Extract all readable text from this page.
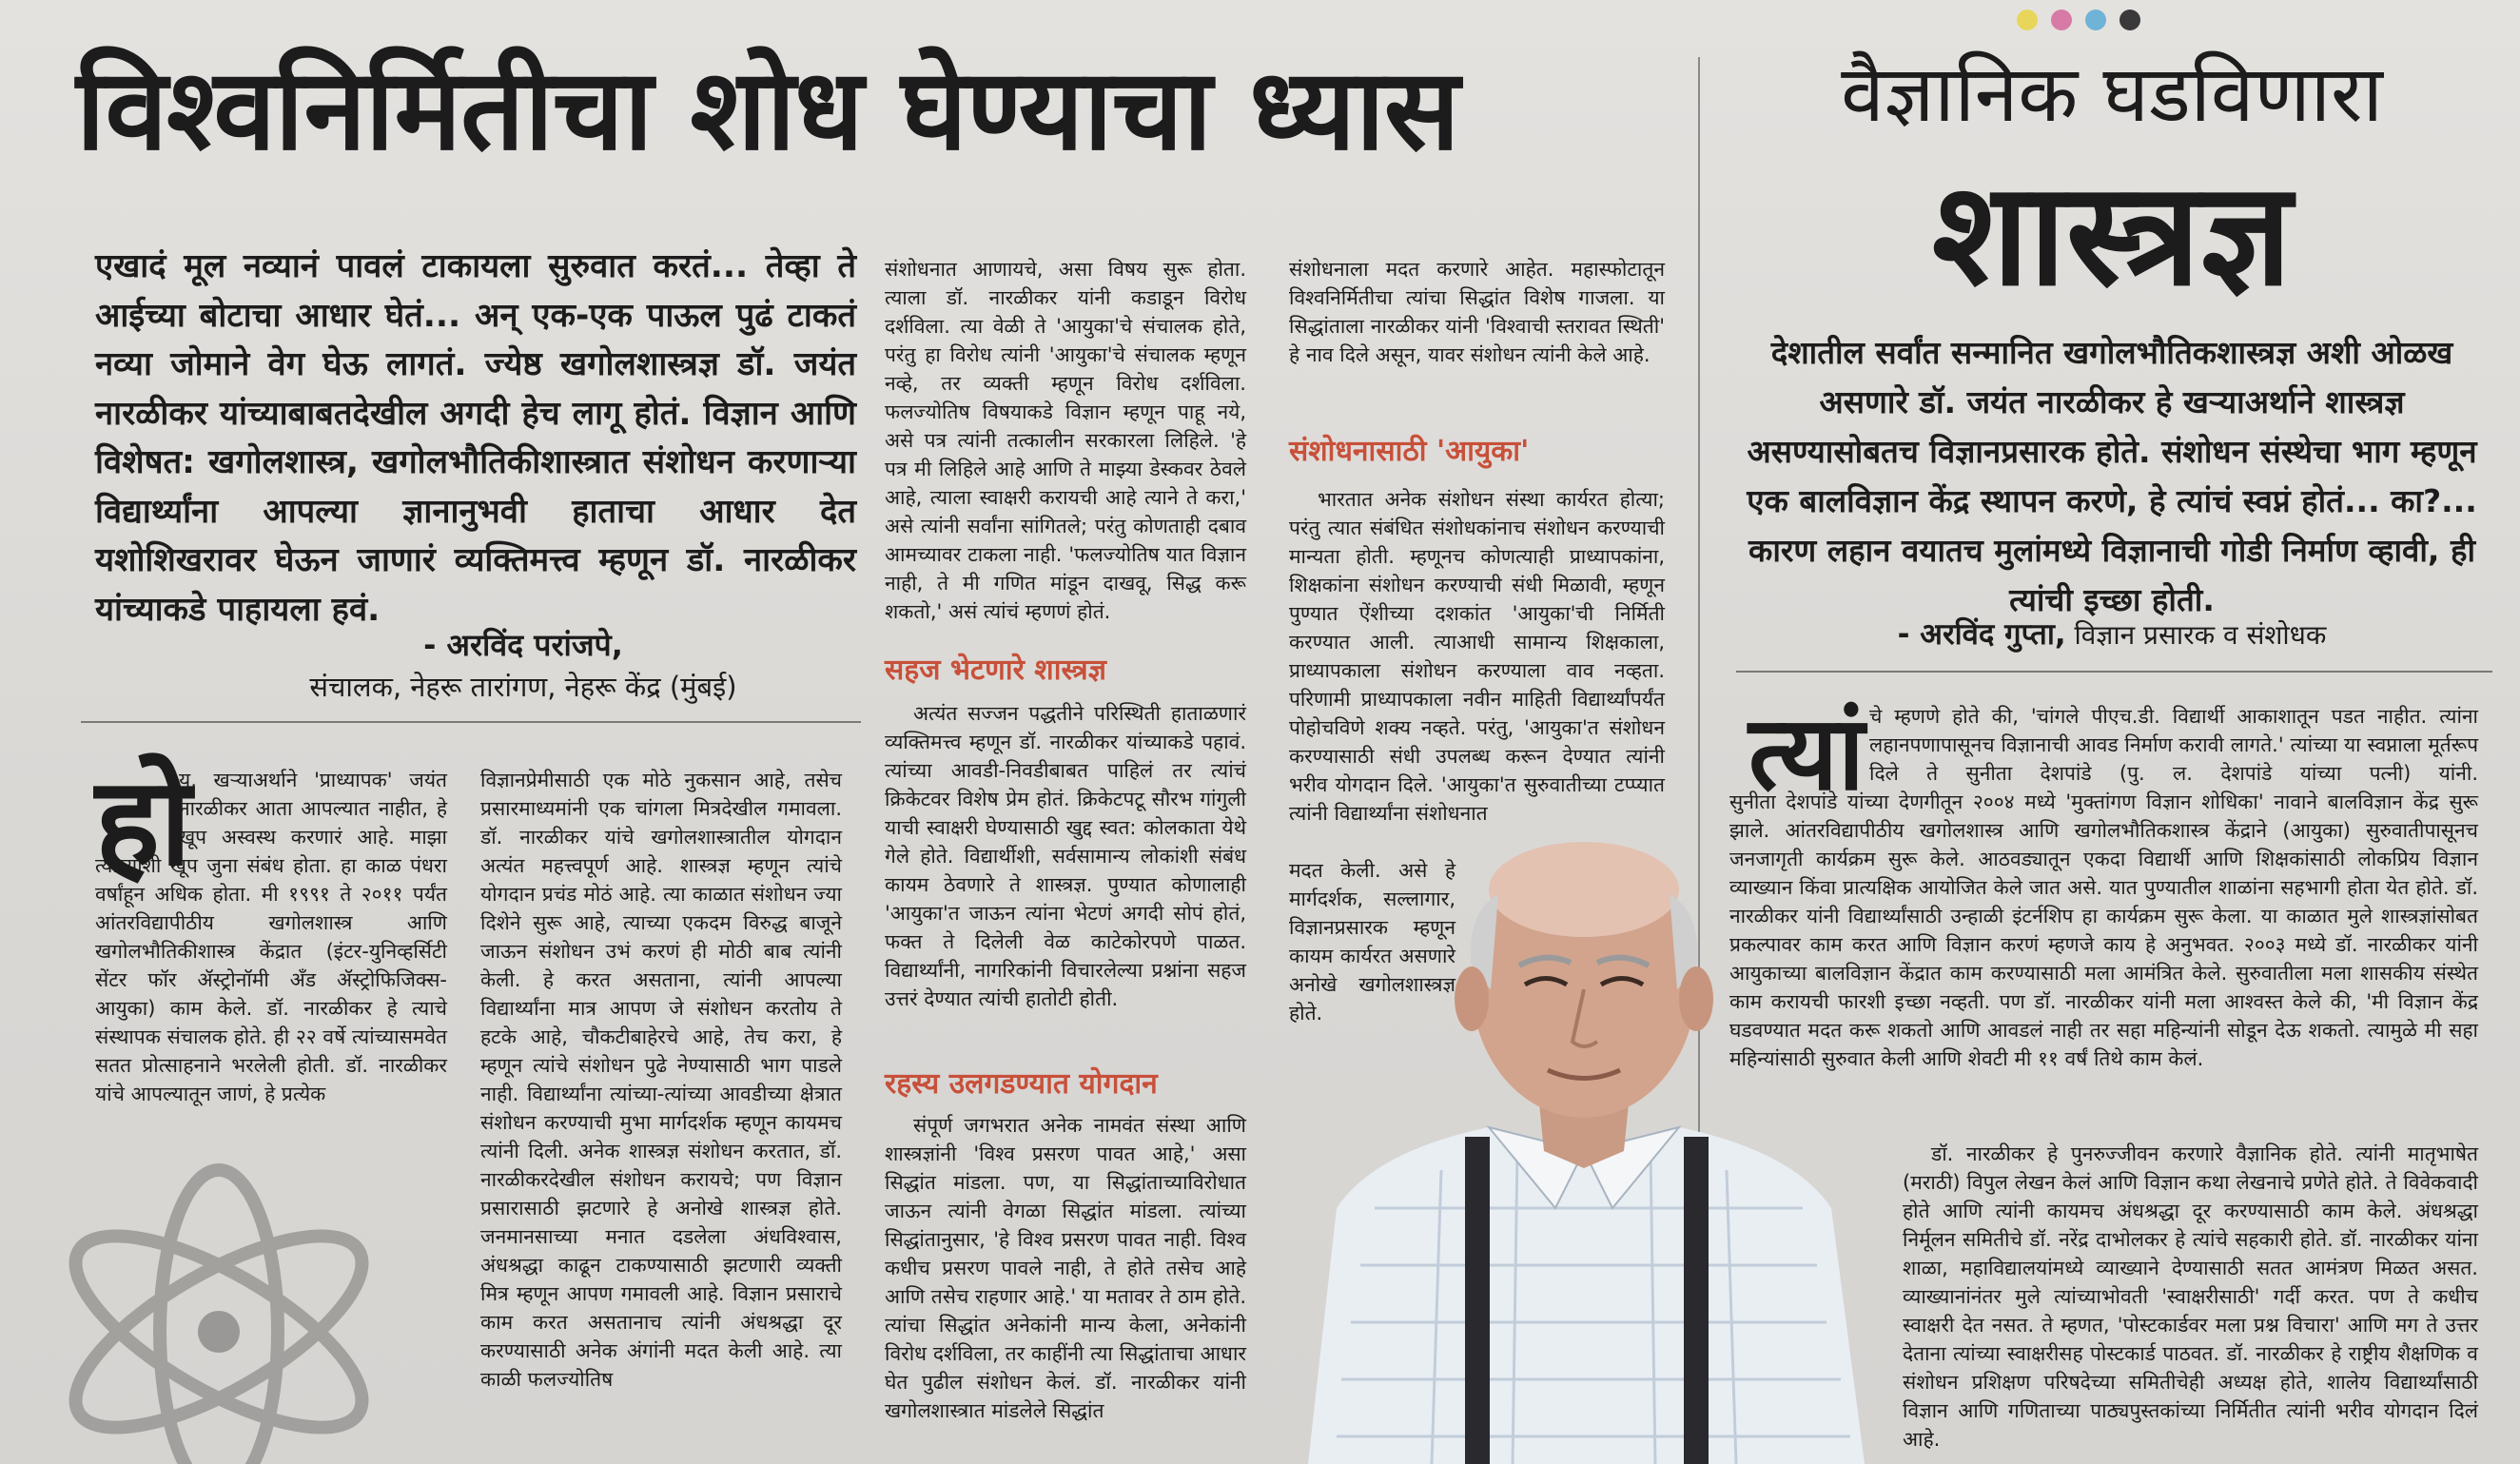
विश्वनिर्मितीचा शोध घेण्याचा ध्यास	वैज्ञानिक घडविणारा
शास्त्रज्ञ
एखादं मूल नव्यानं पावलं टाकायला सुरुवात करतं... तेव्हा ते आईच्या बोटाचा आधार घेतं... अन् एक-एक पाऊल पुढं टाकतं नव्या जोमाने वेग घेऊ लागतं. ज्येष्ठ खगोलशास्त्रज्ञ डॉ. जयंत नारळीकर यांच्याबाबतदेखील अगदी हेच लागू होतं. विज्ञान आणि विशेषत: खगोलशास्त्र, खगोलभौतिकीशास्त्रात संशोधन करणाऱ्या विद्यार्थ्यांना आपल्या ज्ञानानुभवी हाताचा आधार देत यशोशिखरावर घेऊन जाणारं व्यक्तिमत्त्व म्हणून डॉ. नारळीकर यांच्याकडे पाहायला हवं.
- अरविंद परांजपे,
संचालक, नेहरू तारांगण, नेहरू केंद्र (मुंबई)
हो

य, खऱ्याअर्थाने 'प्राध्यापक' जयंत नारळीकर आता आपल्यात नाहीत, हे खूप अस्वस्थ करणारं आहे. माझा त्यांच्याशी खूप जुना संबंध होता. हा काळ पंधरा वर्षांहून अधिक होता. मी १९९१ ते २०११ पर्यंत आंतरविद्यापीठीय खगोलशास्त्र आणि खगोलभौतिकीशास्त्र केंद्रात (इंटर-युनिव्हर्सिटी सेंटर फॉर ॲस्ट्रोनॉमी अँड ॲस्ट्रोफिजिक्स- आयुका) काम केले. डॉ. नारळीकर हे त्याचे संस्थापक संचालक होते. ही २२ वर्षे त्यांच्यासमवेत सतत प्रोत्साहनाने भरलेली होती. डॉ. नारळीकर यांचे आपल्यातून जाणं, हे प्रत्येक

विज्ञानप्रेमीसाठी एक मोठे नुकसान आहे, तसेच प्रसारमाध्यमांनी एक चांगला मित्रदेखील गमावला. डॉ. नारळीकर यांचे खगोलशास्त्रातील योगदान अत्यंत महत्त्वपूर्ण आहे. शास्त्रज्ञ म्हणून त्यांचे योगदान प्रचंड मोठं आहे. त्या काळात संशोधन ज्या दिशेने सुरू आहे, त्याच्या एकदम विरुद्ध बाजूने जाऊन संशोधन उभं करणं ही मोठी बाब त्यांनी केली. हे करत असताना, त्यांनी आपल्या विद्यार्थ्यांना मात्र आपण जे संशोधन करतोय ते हटके आहे, चौकटीबाहेरचे आहे, तेच करा, हे म्हणून त्यांचे संशोधन पुढे नेण्यासाठी भाग पाडले नाही. विद्यार्थ्यांना त्यांच्या-त्यांच्या आवडीच्या क्षेत्रात संशोधन करण्याची मुभा मार्गदर्शक म्हणून कायमच त्यांनी दिली. अनेक शास्त्रज्ञ संशोधन करतात, डॉ. नारळीकरदेखील संशोधन करायचे; पण विज्ञान प्रसारासाठी झटणारे हे अनोखे शास्त्रज्ञ होते. जनमानसाच्या मनात दडलेला अंधविश्वास, अंधश्रद्धा काढून टाकण्यासाठी झटणारी व्यक्ती मित्र म्हणून आपण गमावली आहे. विज्ञान प्रसाराचे काम करत असतानाच त्यांनी अंधश्रद्धा दूर करण्यासाठी अनेक अंगांनी मदत केली आहे. त्या काळी फलज्योतिष

संशोधनात आणायचे, असा विषय सुरू होता. त्याला डॉ. नारळीकर यांनी कडाडून विरोध दर्शविला. त्या वेळी ते 'आयुका'चे संचालक होते, परंतु हा विरोध त्यांनी 'आयुका'चे संचालक म्हणून नव्हे, तर व्यक्ती म्हणून विरोध दर्शविला. फलज्योतिष विषयाकडे विज्ञान म्हणून पाहू नये, असे पत्र त्यांनी तत्कालीन सरकारला लिहिले. 'हे पत्र मी लिहिले आहे आणि ते माझ्या डेस्कवर ठेवले आहे, त्याला स्वाक्षरी करायची आहे त्याने ते करा,' असे त्यांनी सर्वांना सांगितले; परंतु कोणताही दबाव आमच्यावर टाकला नाही. 'फलज्योतिष यात विज्ञान नाही, ते मी गणित मांडून दाखवू, सिद्ध करू शकतो,' असं त्यांचं म्हणणं होतं.

सहज भेटणारे शास्त्रज्ञ

अत्यंत सज्जन पद्धतीने परिस्थिती हाताळणारं व्यक्तिमत्त्व म्हणून डॉ. नारळीकर यांच्याकडे पहावं. त्यांच्या आवडी-निवडीबाबत पाहिलं तर त्यांचं क्रिकेटवर विशेष प्रेम होतं. क्रिकेटपटू सौरभ गांगुली याची स्वाक्षरी घेण्यासाठी खुद्द स्वत: कोलकाता येथे गेले होते. विद्यार्थीशी, सर्वसामान्य लोकांशी संबंध कायम ठेवणारे ते शास्त्रज्ञ. पुण्यात कोणालाही 'आयुका'त जाऊन त्यांना भेटणं अगदी सोपं होतं, फक्त ते दिलेली वेळ काटेकोरपणे पाळत. विद्यार्थ्यांनी, नागरिकांनी विचारलेल्या प्रश्नांना सहज उत्तरं देण्यात त्यांची हातोटी होती.

रहस्य उलगडण्यात योगदान

संपूर्ण जगभरात अनेक नामवंत संस्था आणि शास्त्रज्ञांनी 'विश्व प्रसरण पावत आहे,' असा सिद्धांत मांडला. पण, या सिद्धांताच्याविरोधात जाऊन त्यांनी वेगळा सिद्धांत मांडला. त्यांच्या सिद्धांतानुसार, 'हे विश्व प्रसरण पावत नाही. विश्व कधीच प्रसरण पावले नाही, ते होते तसेच आहे आणि तसेच राहणार आहे.' या मतावर ते ठाम होते. त्यांचा सिद्धांत अनेकांनी मान्य केला, अनेकांनी विरोध दर्शविला, तर काहींनी त्या सिद्धांताचा आधार घेत पुढील संशोधन केलं. डॉ. नारळीकर यांनी खगोलशास्त्रात मांडलेले सिद्धांत

संशोधनाला मदत करणारे आहेत. महास्फोटातून विश्वनिर्मितीचा त्यांचा सिद्धांत विशेष गाजला. या सिद्धांताला नारळीकर यांनी 'विश्वाची स्तरावत स्थिती' हे नाव दिले असून, यावर संशोधन त्यांनी केले आहे.

संशोधनासाठी 'आयुका'

भारतात अनेक संशोधन संस्था कार्यरत होत्या; परंतु त्यात संबंधित संशोधकांनाच संशोधन करण्याची मान्यता होती. म्हणूनच कोणत्याही प्राध्यापकांना, शिक्षकांना संशोधन करण्याची संधी मिळावी, म्हणून पुण्यात ऐंशीच्या दशकांत 'आयुका'ची निर्मिती करण्यात आली. त्याआधी सामान्य शिक्षकाला, प्राध्यापकाला संशोधन करण्याला वाव नव्हता. परिणामी प्राध्यापकाला नवीन माहिती विद्यार्थ्यांपर्यंत पोहोचविणे शक्य नव्हते. परंतु, 'आयुका'त संशोधन करण्यासाठी संधी उपलब्ध करून देण्यात त्यांनी भरीव योगदान दिले. 'आयुका'त सुरुवातीच्या टप्प्यात त्यांनी विद्यार्थ्यांना संशोधनात

मदत केली. असे हे मार्गदर्शक, सल्लागार, विज्ञानप्रसारक म्हणून कायम कार्यरत असणारे अनोखे खगोलशास्त्रज्ञ होते.

देशातील सर्वांत सन्मानित खगोलभौतिकशास्त्रज्ञ अशी ओळख असणारे डॉ. जयंत नारळीकर हे खऱ्याअर्थाने शास्त्रज्ञ असण्यासोबतच विज्ञानप्रसारक होते. संशोधन संस्थेचा भाग म्हणून एक बालविज्ञान केंद्र स्थापन करणे, हे त्यांचं स्वप्नं होतं... का?... कारण लहान वयातच मुलांमध्ये विज्ञानाची गोडी निर्माण व्हावी, ही त्यांची इच्छा होती.
- अरविंद गुप्ता, विज्ञान प्रसारक व संशोधक
त्यां चे म्हणणे होते की, 'चांगले पीएच.डी. विद्यार्थी आकाशातून पडत नाहीत. त्यांना लहानपणापासूनच विज्ञानाची आवड निर्माण करावी लागते.' त्यांच्या या स्वप्नाला मूर्तरूप दिले ते सुनीता देशपांडे (पु. ल. देशपांडे यांच्या पत्नी) यांनी.

सुनीता देशपांडे यांच्या देणगीतून २००४ मध्ये 'मुक्तांगण विज्ञान शोधिका' नावाने बालविज्ञान केंद्र सुरू झाले. आंतरविद्यापीठीय खगोलशास्त्र आणि खगोलभौतिकशास्त्र केंद्राने (आयुका) सुरुवातीपासूनच जनजागृती कार्यक्रम सुरू केले. आठवड्यातून एकदा विद्यार्थी आणि शिक्षकांसाठी लोकप्रिय विज्ञान व्याख्यान किंवा प्रात्यक्षिक आयोजित केले जात असे. यात पुण्यातील शाळांना सहभागी होता येत होते. डॉ. नारळीकर यांनी विद्यार्थ्यांसाठी उन्हाळी इंटर्नशिप हा कार्यक्रम सुरू केला. या काळात मुले शास्त्रज्ञांसोबत प्रकल्पावर काम करत आणि विज्ञान करणं म्हणजे काय हे अनुभवत. २००३ मध्ये डॉ. नारळीकर यांनी आयुकाच्या बालविज्ञान केंद्रात काम करण्यासाठी मला आमंत्रित केले. सुरुवातीला मला शासकीय संस्थेत काम करायची फारशी इच्छा नव्हती. पण डॉ. नारळीकर यांनी मला आश्वस्त केले की, 'मी विज्ञान केंद्र घडवण्यात मदत करू शकतो आणि आवडलं नाही तर सहा महिन्यांनी सोडून देऊ शकतो. त्यामुळे मी सहा महिन्यांसाठी सुरुवात केली आणि शेवटी मी ११ वर्षं तिथे काम केलं.

डॉ. नारळीकर हे पुनरुज्जीवन करणारे वैज्ञानिक होते. त्यांनी मातृभाषेत (मराठी) विपुल लेखन केलं आणि विज्ञान कथा लेखनाचे प्रणेते होते. ते विवेकवादी होते आणि त्यांनी कायमच अंधश्रद्धा दूर करण्यासाठी काम केले. अंधश्रद्धा निर्मूलन समितीचे डॉ. नरेंद्र दाभोलकर हे त्यांचे सहकारी होते. डॉ. नारळीकर यांना शाळा, महाविद्यालयांमध्ये व्याख्याने देण्यासाठी सतत आमंत्रण मिळत असत. व्याख्यानांनंतर मुले त्यांच्याभोवती 'स्वाक्षरीसाठी' गर्दी करत. पण ते कधीच स्वाक्षरी देत नसत. ते म्हणत, 'पोस्टकार्डवर मला प्रश्न विचारा' आणि मग ते उत्तर देताना त्यांच्या स्वाक्षरीसह पोस्टकार्ड पाठवत. डॉ. नारळीकर हे राष्ट्रीय शैक्षणिक व संशोधन प्रशिक्षण परिषदेच्या समितीचेही अध्यक्ष होते, शालेय विद्यार्थ्यांसाठी विज्ञान आणि गणिताच्या पाठ्यपुस्तकांच्या निर्मितीत त्यांनी भरीव योगदान दिलं आहे.
